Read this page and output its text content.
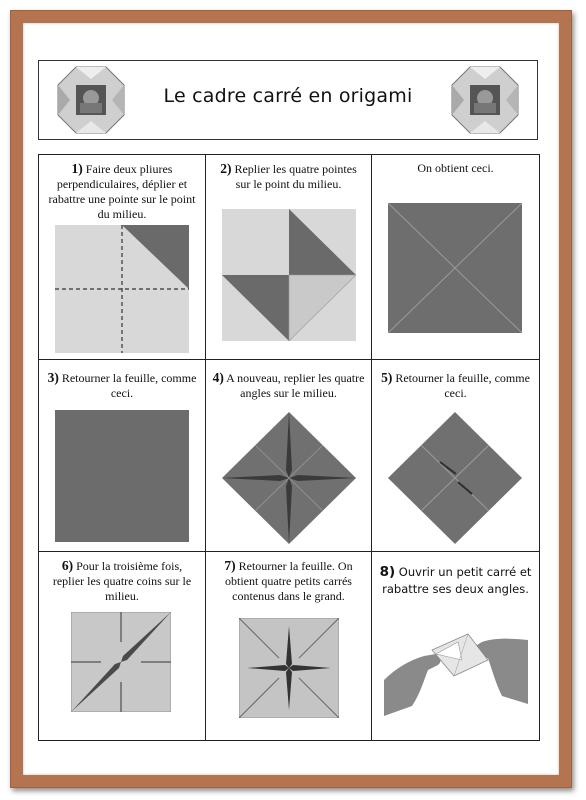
Le cadre carré en origami
1) Faire deux pliures perpendiculaires, déplier et rabattre une pointe sur le point du milieu.
2) Replier les quatre pointes sur le point du milieu.
On obtient ceci.
3) Retourner la feuille, comme ceci.
4) A nouveau, replier les quatre angles sur le milieu.
5) Retourner la feuille, comme ceci.
6) Pour la troisième fois, replier les quatre coins sur le milieu.
7) Retourner la feuille. On obtient quatre petits carrés contenus dans le grand.
8) Ouvrir un petit carré et rabattre ses deux angles.
